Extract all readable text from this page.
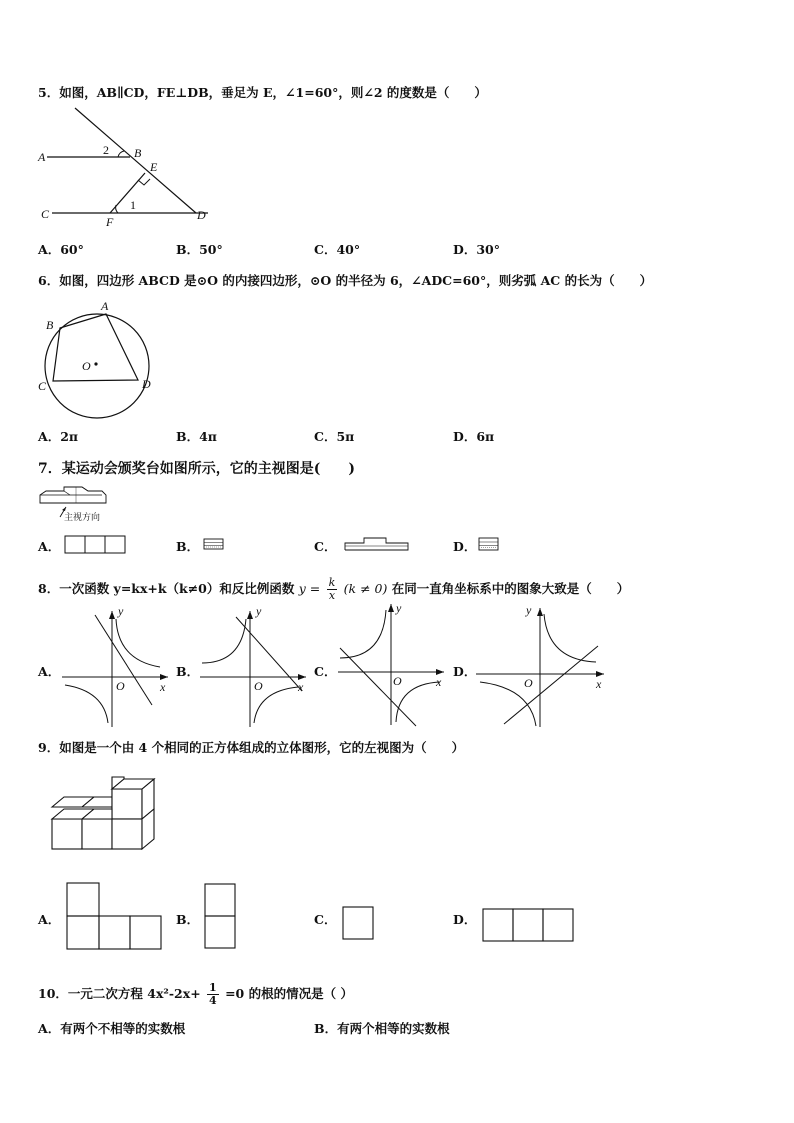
5．如图，AB∥CD，FE⊥DB，垂足为 E，∠1=60°，则∠2 的度数是（　　）
A	B
E
C
F	D
2
1
A．60°	B．50°	C．40°	D．30°
6．如图，四边形 ABCD 是⊙O 的内接四边形，⊙O 的半径为 6，∠ADC=60°，则劣弧 AC 的长为（　　）
A
B
C	D
O
A．2π	B．4π	C．5π	D．6π
7．某运动会颁奖台如图所示，它的主视图是(　　)
主视方向
A．	B．	C．	D．
8．一次函数 y=kx+k（k≠0）和反比例函数 $y = \frac{k}{x} (k \ne 0)$ 在同一直角坐标系中的图象大致是（　　）
A．
x
y
O
B．
x
y
O
C．
x
y
O
D．
x
y
O
9．如图是一个由 4 个相同的正方体组成的立体图形，它的左视图为（　　）
A．	B．	C．	D．
10．一元二次方程 $4x^2-2x+ \frac{1}{4} =0$ 的根的情况是（ ）
A．有两个不相等的实数根	B．有两个相等的实数根
